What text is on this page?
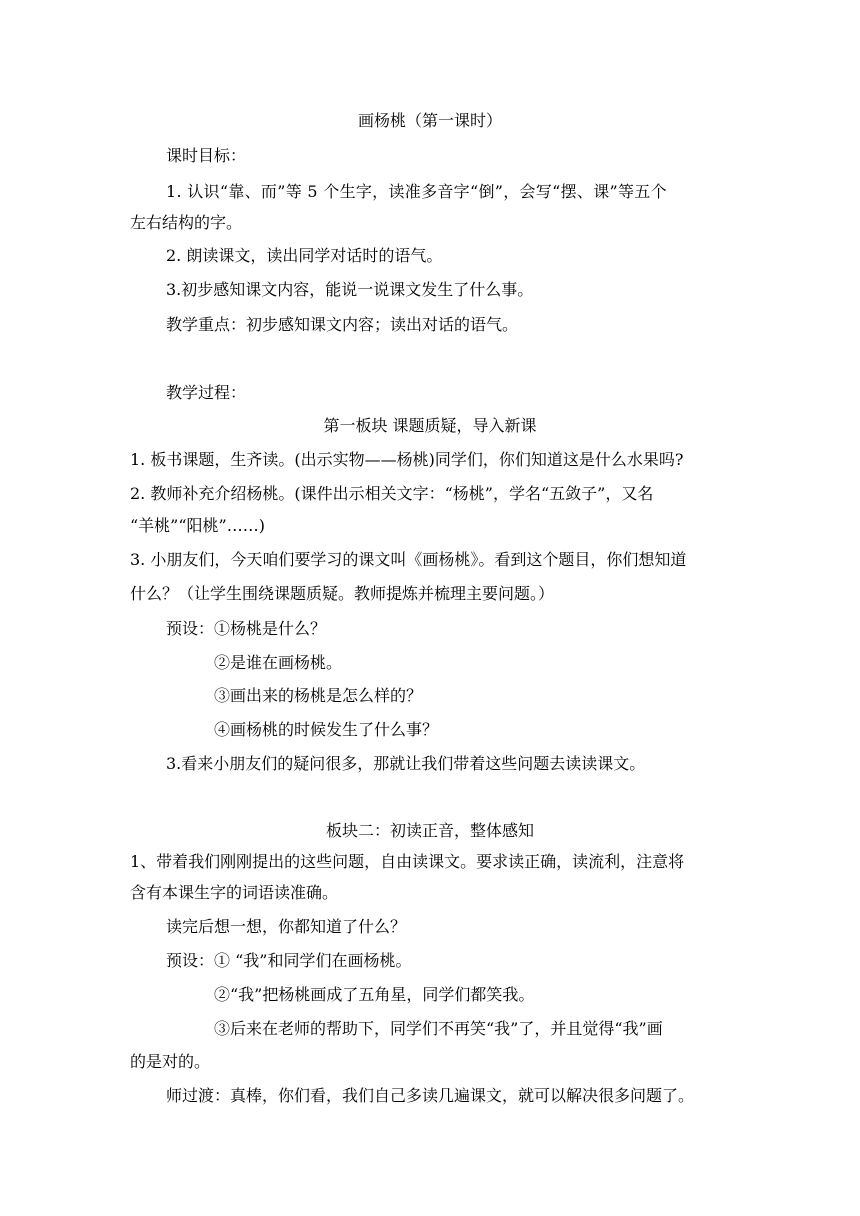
画杨桃（第一课时）
课时目标：
1. 认识“靠、而”等 5 个生字，读准多音字“倒”，会写“摆、课”等五个
左右结构的字。
2. 朗读课文，读出同学对话时的语气。
3.初步感知课文内容，能说一说课文发生了什么事。
教学重点：初步感知课文内容；读出对话的语气。
教学过程：
第一板块 课题质疑，导入新课
1. 板书课题，生齐读。(出示实物——杨桃)同学们，你们知道这是什么水果吗?
2. 教师补充介绍杨桃。(课件出示相关文字：“杨桃”，学名“五敛子”，又名
“羊桃”“阳桃”……)
3. 小朋友们，今天咱们要学习的课文叫《画杨桃》。看到这个题目，你们想知道
什么？（让学生围绕课题质疑。教师提炼并梳理主要问题。）
预设： ①杨桃是什么？
②是谁在画杨桃。
③画出来的杨桃是怎么样的？
④画杨桃的时候发生了什么事？
3.看来小朋友们的疑问很多，那就让我们带着这些问题去读读课文。
板块二：初读正音，整体感知
1、带着我们刚刚提出的这些问题，自由读课文。要求读正确，读流利，注意将
含有本课生字的词语读准确。
读完后想一想，你都知道了什么？
预设： ① “我”和同学们在画杨桃。
②“我”把杨桃画成了五角星，同学们都笑我。
③后来在老师的帮助下，同学们不再笑“我”了，并且觉得“我”画
的是对的。
师过渡：真棒，你们看，我们自己多读几遍课文，就可以解决很多问题了。
